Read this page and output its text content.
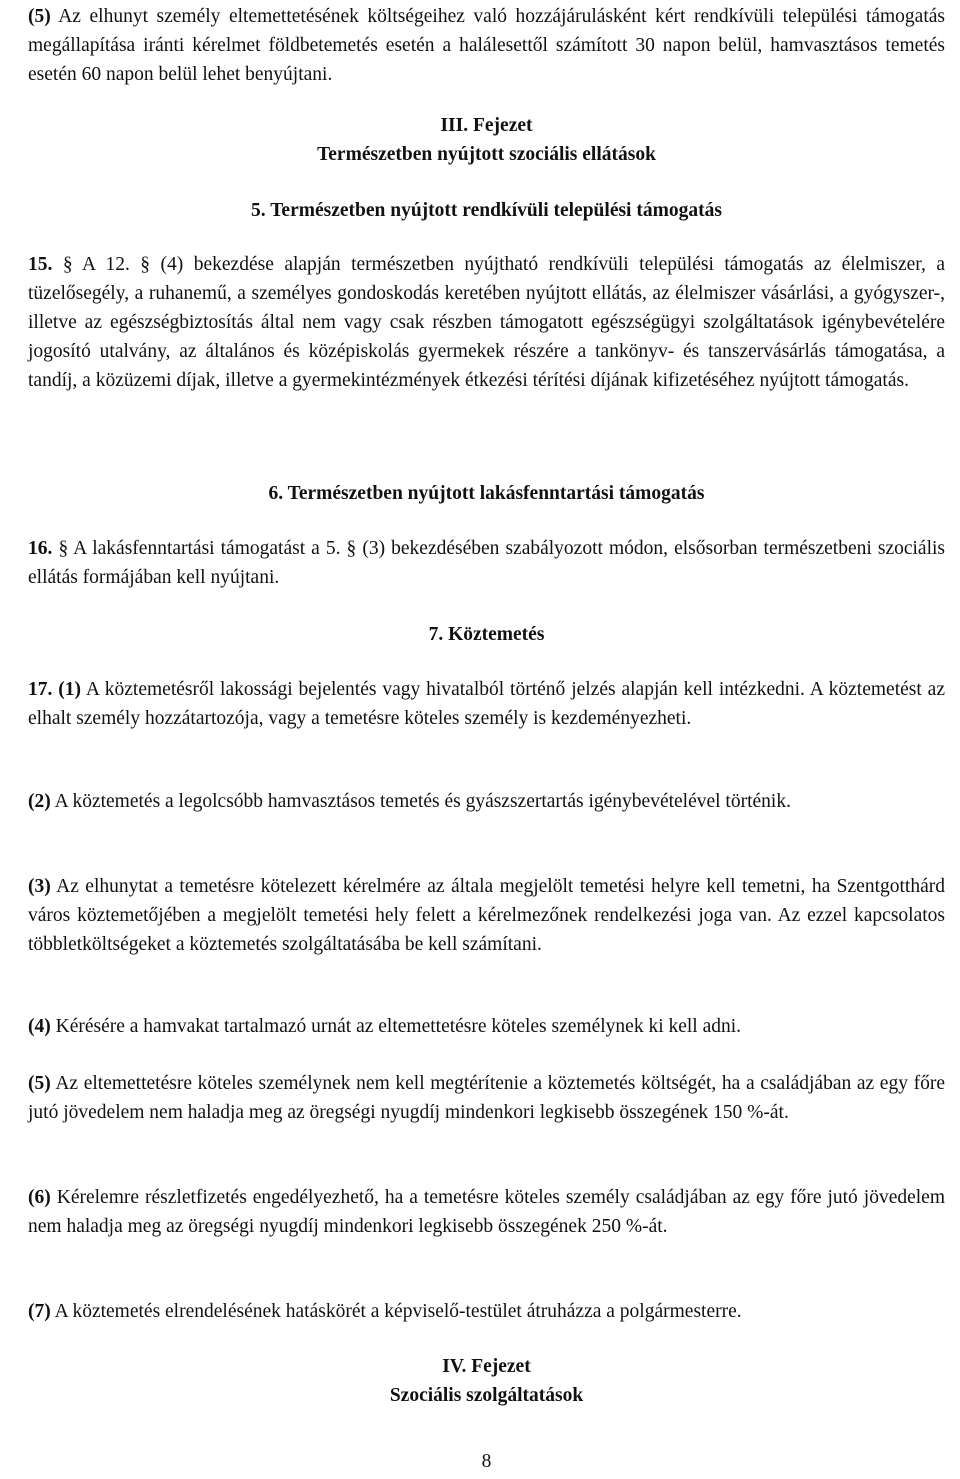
(5) Az elhunyt személy eltemettetésének költségeihez való hozzájárulásként kért rendkívüli települési támogatás megállapítása iránti kérelmet földbetemetés esetén a halálesettől számított 30 napon belül, hamvasztásos temetés esetén 60 napon belül lehet benyújtani.

III. Fejezet
Természetben nyújtott szociális ellátások
5. Természetben nyújtott rendkívüli települési támogatás

15. § A 12. § (4) bekezdése alapján természetben nyújtható rendkívüli települési támogatás az élelmiszer, a tüzelősegély, a ruhanemű, a személyes gondoskodás keretében nyújtott ellátás, az élelmiszer vásárlási, a gyógyszer-, illetve az egészségbiztosítás által nem vagy csak részben támogatott egészségügyi szolgáltatások igénybevételére jogosító utalvány, az általános és középiskolás gyermekek részére a tankönyv- és tanszervásárlás támogatása, a tandíj, a közüzemi díjak, illetve a gyermekintézmények étkezési térítési díjának kifizetéséhez nyújtott támogatás.

6. Természetben nyújtott lakásfenntartási támogatás

16. § A lakásfenntartási támogatást a 5. § (3) bekezdésében szabályozott módon, elsősorban természetbeni szociális ellátás formájában kell nyújtani.

7. Köztemetés

17. (1) A köztemetésről lakossági bejelentés vagy hivatalból történő jelzés alapján kell intézkedni. A köztemetést az elhalt személy hozzátartozója, vagy a temetésre köteles személy is kezdeményezheti.

(2) A köztemetés a legolcsóbb hamvasztásos temetés és gyászszertartás igénybevételével történik.

(3) Az elhunytat a temetésre kötelezett kérelmére az általa megjelölt temetési helyre kell temetni, ha Szentgotthárd város köztemetőjében a megjelölt temetési hely felett a kérelmezőnek rendelkezési joga van. Az ezzel kapcsolatos többletköltségeket a köztemetés szolgáltatásába be kell számítani.

(4) Kérésére a hamvakat tartalmazó urnát az eltemettetésre köteles személynek ki kell adni.

(5) Az eltemettetésre köteles személynek nem kell megtérítenie a köztemetés költségét, ha a családjában az egy főre jutó jövedelem nem haladja meg az öregségi nyugdíj mindenkori legkisebb összegének 150 %-át.

(6) Kérelemre részletfizetés engedélyezhető, ha a temetésre köteles személy családjában az egy főre jutó jövedelem nem haladja meg az öregségi nyugdíj mindenkori legkisebb összegének 250 %-át.

(7) A köztemetés elrendelésének hatáskörét a képviselő-testület átruházza a polgármesterre.

IV. Fejezet
Szociális szolgáltatások
8
